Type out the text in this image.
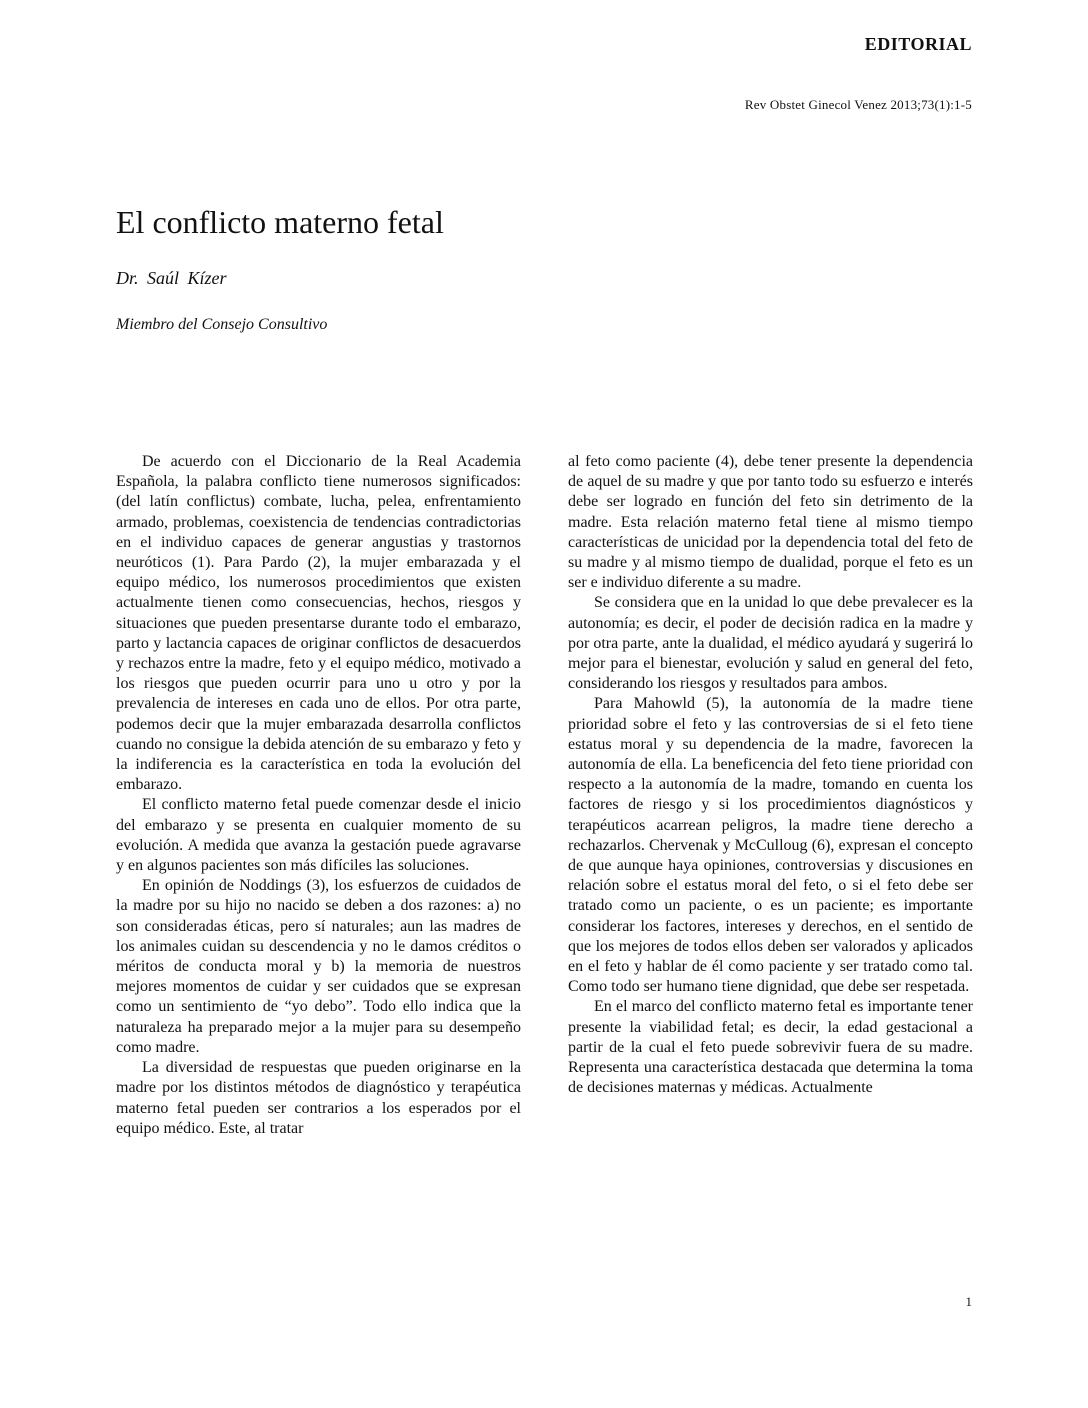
EDITORIAL
Rev Obstet Ginecol Venez 2013;73(1):1-5
El conflicto materno fetal
Dr. Saúl Kízer
Miembro del Consejo Consultivo

De acuerdo con el Diccionario de la Real Academia Española, la palabra conflicto tiene numerosos significados: (del latín conflictus) combate, lucha, pelea, enfrentamiento armado, problemas, coexistencia de tendencias contradictorias en el individuo capaces de generar angustias y trastornos neuróticos (1). Para Pardo (2), la mujer embarazada y el equipo médico, los numerosos procedimientos que existen actualmente tienen como consecuencias, hechos, riesgos y situaciones que pueden presentarse durante todo el embarazo, parto y lactancia capaces de originar conflictos de desacuerdos y rechazos entre la madre, feto y el equipo médico, motivado a los riesgos que pueden ocurrir para uno u otro y por la prevalencia de intereses en cada uno de ellos. Por otra parte, podemos decir que la mujer embarazada desarrolla conflictos cuando no consigue la debida atención de su embarazo y feto y la indiferencia es la característica en toda la evolución del embarazo.

El conflicto materno fetal puede comenzar desde el inicio del embarazo y se presenta en cualquier momento de su evolución. A medida que avanza la gestación puede agravarse y en algunos pacientes son más difíciles las soluciones.

En opinión de Noddings (3), los esfuerzos de cuidados de la madre por su hijo no nacido se deben a dos razones: a) no son consideradas éticas, pero sí naturales; aun las madres de los animales cuidan su descendencia y no le damos créditos o méritos de conducta moral y b) la memoria de nuestros mejores momentos de cuidar y ser cuidados que se expresan como un sentimiento de “yo debo”. Todo ello indica que la naturaleza ha preparado mejor a la mujer para su desempeño como madre.

La diversidad de respuestas que pueden originarse en la madre por los distintos métodos de diagnóstico y terapéutica materno fetal pueden ser contrarios a los esperados por el equipo médico. Este, al tratar

al feto como paciente (4), debe tener presente la dependencia de aquel de su madre y que por tanto todo su esfuerzo e interés debe ser logrado en función del feto sin detrimento de la madre. Esta relación materno fetal tiene al mismo tiempo características de unicidad por la dependencia total del feto de su madre y al mismo tiempo de dualidad, porque el feto es un ser e individuo diferente a su madre.

Se considera que en la unidad lo que debe prevalecer es la autonomía; es decir, el poder de decisión radica en la madre y por otra parte, ante la dualidad, el médico ayudará y sugerirá lo mejor para el bienestar, evolución y salud en general del feto, considerando los riesgos y resultados para ambos.

Para Mahowld (5), la autonomía de la madre tiene prioridad sobre el feto y las controversias de si el feto tiene estatus moral y su dependencia de la madre, favorecen la autonomía de ella. La beneficencia del feto tiene prioridad con respecto a la autonomía de la madre, tomando en cuenta los factores de riesgo y si los procedimientos diagnósticos y terapéuticos acarrean peligros, la madre tiene derecho a rechazarlos. Chervenak y McCulloug (6), expresan el concepto de que aunque haya opiniones, controversias y discusiones en relación sobre el estatus moral del feto, o si el feto debe ser tratado como un paciente, o es un paciente; es importante considerar los factores, intereses y derechos, en el sentido de que los mejores de todos ellos deben ser valorados y aplicados en el feto y hablar de él como paciente y ser tratado como tal. Como todo ser humano tiene dignidad, que debe ser respetada.

En el marco del conflicto materno fetal es importante tener presente la viabilidad fetal; es decir, la edad gestacional a partir de la cual el feto puede sobrevivir fuera de su madre. Representa una característica destacada que determina la toma de decisiones maternas y médicas. Actualmente

1
